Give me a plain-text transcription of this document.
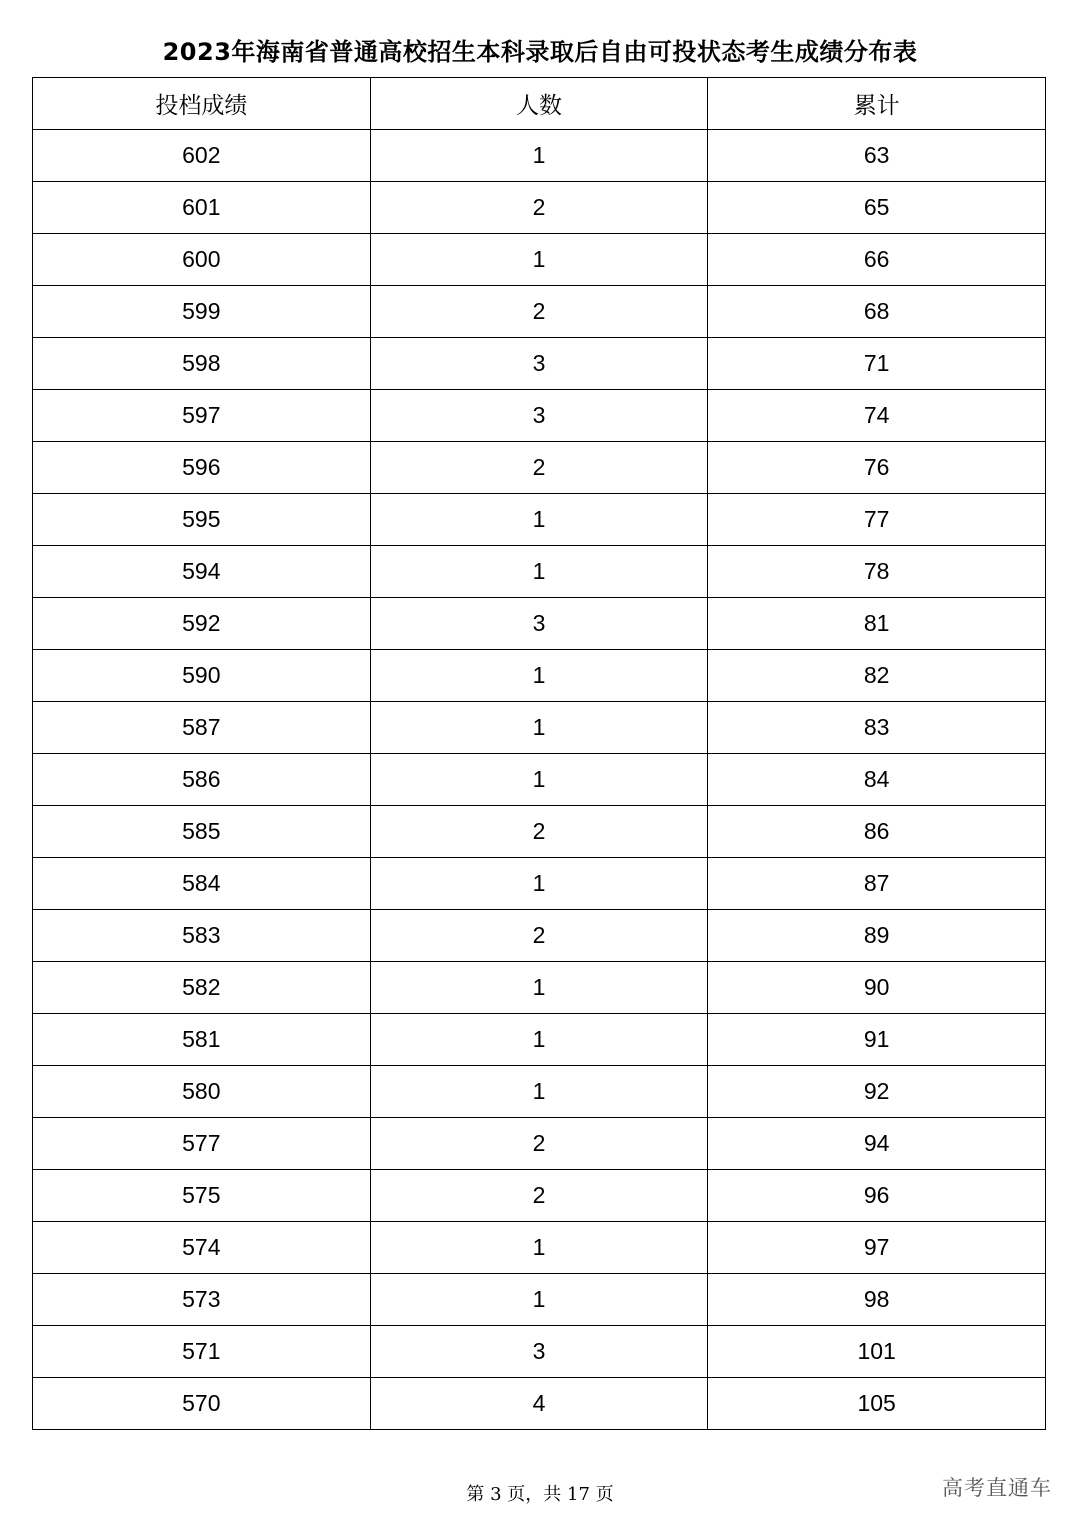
2023年海南省普通高校招生本科录取后自由可投状态考生成绩分布表
投档成绩	人数	累计
602	1	63
601	2	65
600	1	66
599	2	68
598	3	71
597	3	74
596	2	76
595	1	77
594	1	78
592	3	81
590	1	82
587	1	83
586	1	84
585	2	86
584	1	87
583	2	89
582	1	90
581	1	91
580	1	92
577	2	94
575	2	96
574	1	97
573	1	98
571	3	101
570	4	105
第 3 页，共 17 页	高考直通车
